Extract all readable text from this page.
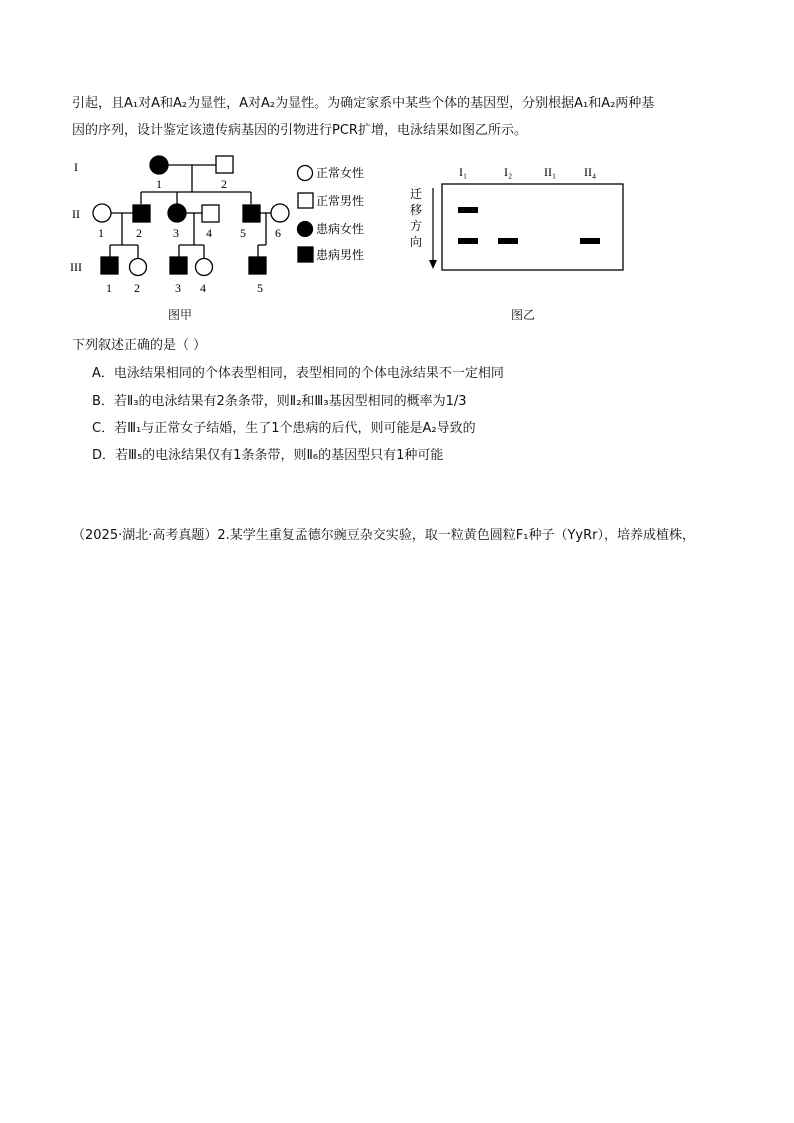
引起，且A₁对A和A₂为显性，A对A₂为显性。为确定家系中某些个体的基因型，分别根据A₁和A₂两种基
因的序列，设计鉴定该遗传病基因的引物进行PCR扩增，电泳结果如图乙所示。
I
II
III
1	2
1	2	3 4 5 6
1 2	3 4	5
正常女性
正常男性
患病女性
患病男性
图甲
I₁	I₂	II₁ II₄
迁
移
方
向
图乙
下列叙述正确的是（ ）
A．电泳结果相同的个体表型相同，表型相同的个体电泳结果不一定相同
B．若Ⅱ₃的电泳结果有2条条带，则Ⅱ₂和Ⅲ₃基因型相同的概率为1/3
C．若Ⅲ₁与正常女子结婚，生了1个患病的后代，则可能是A₂导致的
D．若Ⅲ₅的电泳结果仅有1条条带，则Ⅱ₆的基因型只有1种可能
（2025·湖北·高考真题）2.某学生重复孟德尔豌豆杂交实验，取一粒黄色圆粒F₁种子（YyRr），培养成植株，
